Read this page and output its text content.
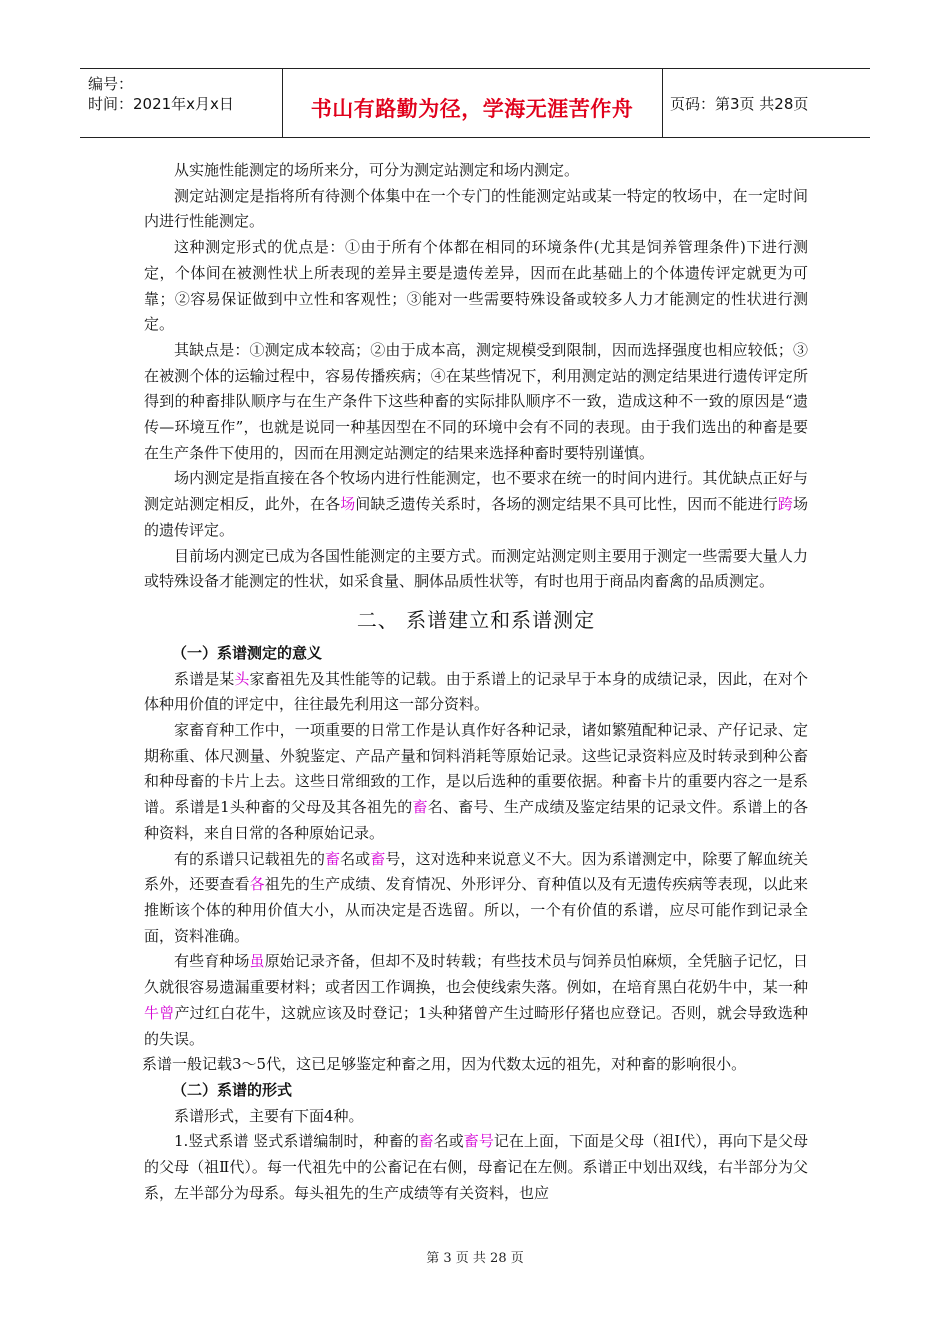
编号：
时间：2021年x月x日	书山有路勤为径，学海无涯苦作舟	页码：第3页 共28页

从实施性能测定的场所来分，可分为测定站测定和场内测定。

测定站测定是指将所有待测个体集中在一个专门的性能测定站或某一特定的牧场中，在一定时间内进行性能测定。

这种测定形式的优点是：①由于所有个体都在相同的环境条件(尤其是饲养管理条件)下进行测定，个体间在被测性状上所表现的差异主要是遗传差异，因而在此基础上的个体遗传评定就更为可靠；②容易保证做到中立性和客观性；③能对一些需要特殊设备或较多人力才能测定的性状进行测定。

其缺点是：①测定成本较高；②由于成本高，测定规模受到限制，因而选择强度也相应较低；③在被测个体的运输过程中，容易传播疾病；④在某些情况下，利用测定站的测定结果进行遗传评定所得到的种畜排队顺序与在生产条件下这些种畜的实际排队顺序不一致，造成这种不一致的原因是“遗传—环境互作”，也就是说同一种基因型在不同的环境中会有不同的表现。由于我们选出的种畜是要在生产条件下使用的，因而在用测定站测定的结果来选择种畜时要特别谨慎。

场内测定是指直接在各个牧场内进行性能测定，也不要求在统一的时间内进行。其优缺点正好与测定站测定相反，此外，在各场间缺乏遗传关系时，各场的测定结果不具可比性，因而不能进行跨场的遗传评定。

目前场内测定已成为各国性能测定的主要方式。而测定站测定则主要用于测定一些需要大量人力或特殊设备才能测定的性状，如采食量、胴体品质性状等，有时也用于商品肉畜禽的品质测定。

二、 系谱建立和系谱测定
（一）系谱测定的意义

系谱是某头家畜祖先及其性能等的记载。由于系谱上的记录早于本身的成绩记录，因此，在对个体种用价值的评定中，往往最先利用这一部分资料。

家畜育种工作中，一项重要的日常工作是认真作好各种记录，诸如繁殖配种记录、产仔记录、定期称重、体尺测量、外貌鉴定、产品产量和饲料消耗等原始记录。这些记录资料应及时转录到种公畜和种母畜的卡片上去。这些日常细致的工作，是以后选种的重要依据。种畜卡片的重要内容之一是系谱。系谱是1头种畜的父母及其各祖先的畜名、畜号、生产成绩及鉴定结果的记录文件。系谱上的各种资料，来自日常的各种原始记录。

有的系谱只记载祖先的畜名或畜号，这对选种来说意义不大。因为系谱测定中，除要了解血统关系外，还要查看各祖先的生产成绩、发育情况、外形评分、育种值以及有无遗传疾病等表现，以此来推断该个体的种用价值大小，从而决定是否选留。所以，一个有价值的系谱，应尽可能作到记录全面，资料准确。

有些育种场虽原始记录齐备，但却不及时转载；有些技术员与饲养员怕麻烦，全凭脑子记忆，日久就很容易遗漏重要材料；或者因工作调换，也会使线索失落。例如，在培育黑白花奶牛中，某一种牛曾产过红白花牛，这就应该及时登记；1头种猪曾产生过畸形仔猪也应登记。否则，就会导致选种的失误。

系谱一般记载3～5代，这已足够鉴定种畜之用，因为代数太远的祖先，对种畜的影响很小。

（二）系谱的形式

系谱形式，主要有下面4种。

1.竖式系谱 竖式系谱编制时，种畜的畜名或畜号记在上面，下面是父母（祖Ⅰ代），再向下是父母的父母（祖Ⅱ代）。每一代祖先中的公畜记在右侧，母畜记在左侧。系谱正中划出双线，右半部分为父系，左半部分为母系。每头祖先的生产成绩等有关资料，也应

第 3 页 共 28 页
